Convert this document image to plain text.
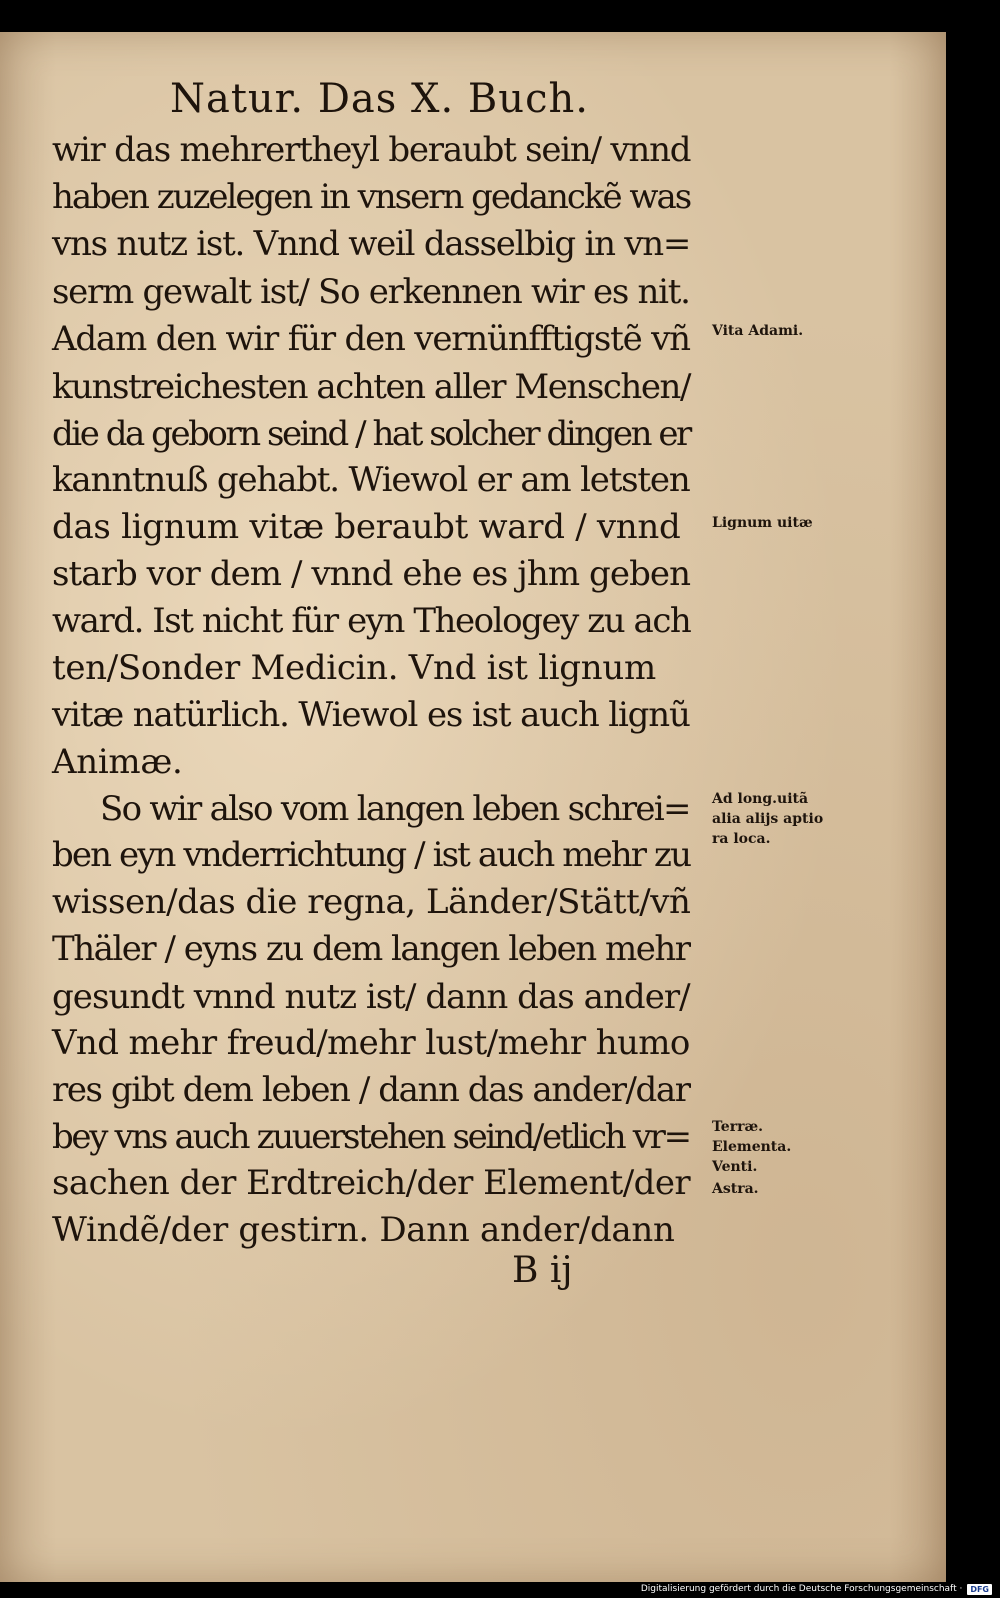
Natur. Das X. Buch.
wir das mehrertheyl beraubt sein/ vnnd
haben zuzelegen in vnsern gedanckẽ was
vns nutz ist. Vnnd weil dasselbig in vn=
serm gewalt ist/ So erkennen wir es nit.
Adam den wir für den vernünfftigstẽ vñ
kunstreichesten achten aller Menschen/
die da geborn seind / hat solcher dingen er
kanntnuß gehabt. Wiewol er am letsten
das lignum vitæ beraubt ward / vnnd
starb vor dem / vnnd ehe es jhm geben
ward. Ist nicht für eyn Theologey zu ach
ten/Sonder Medicin. Vnd ist lignum
vitæ natürlich. Wiewol es ist auch lignũ
Animæ.
So wir also vom langen leben schrei=
ben eyn vnderrichtung / ist auch mehr zu
wissen/das die regna, Länder/Stätt/vñ
Thäler / eyns zu dem langen leben mehr
gesundt vnnd nutz ist/ dann das ander/
Vnd mehr freud/mehr lust/mehr humo
res gibt dem leben / dann das ander/dar
bey vns auch zuuerstehen seind/etlich vr=
sachen der Erdtreich/der Element/der
Windẽ/der gestirn. Dann ander/dann
Vita Adami.
Lignum uitæ
Ad long.uitã
alia alijs aptio
ra loca.
Terræ.
Elementa.
Venti.
Astra.
B ij
Digitalisierung gefördert durch die Deutsche Forschungsgemeinschaft ·	DFG
